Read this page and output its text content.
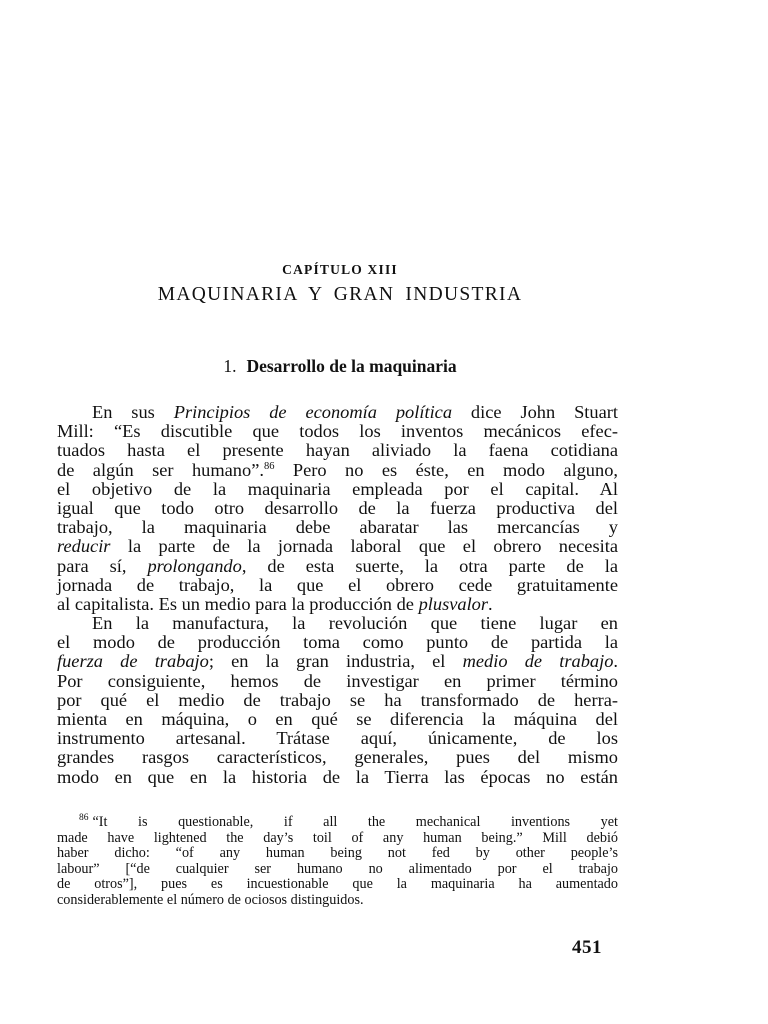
CAPÍTULO XIII
MAQUINARIA Y GRAN INDUSTRIA
1. Desarrollo de la maquinaria
En sus Principios de economía política dice John Stuart
Mill: “Es discutible que todos los inventos mecánicos efec-
tuados hasta el presente hayan aliviado la faena cotidiana
de algún ser humano”.$^{86}$ Pero no es éste, en modo alguno,
el objetivo de la maquinaria empleada por el capital. Al
igual que todo otro desarrollo de la fuerza productiva del
trabajo, la maquinaria debe abaratar las mercancías y
reducir la parte de la jornada laboral que el obrero necesita
para sí, prolongando, de esta suerte, la otra parte de la
jornada de trabajo, la que el obrero cede gratuitamente
al capitalista. Es un medio para la producción de plusvalor.
En la manufactura, la revolución que tiene lugar en
el modo de producción toma como punto de partida la
fuerza de trabajo; en la gran industria, el medio de trabajo.
Por consiguiente, hemos de investigar en primer término
por qué el medio de trabajo se ha transformado de herra-
mienta en máquina, o en qué se diferencia la máquina del
instrumento artesanal. Trátase aquí, únicamente, de los
grandes rasgos característicos, generales, pues del mismo
modo en que en la historia de la Tierra las épocas no están
$^{86}$ “It is questionable, if all the mechanical inventions yet
made have lightened the day’s toil of any human being.” Mill debió
haber dicho: “of any human being not fed by other people’s
labour” [“de cualquier ser humano no alimentado por el trabajo
de otros”], pues es incuestionable que la maquinaria ha aumentado
considerablemente el número de ociosos distinguidos.
451
